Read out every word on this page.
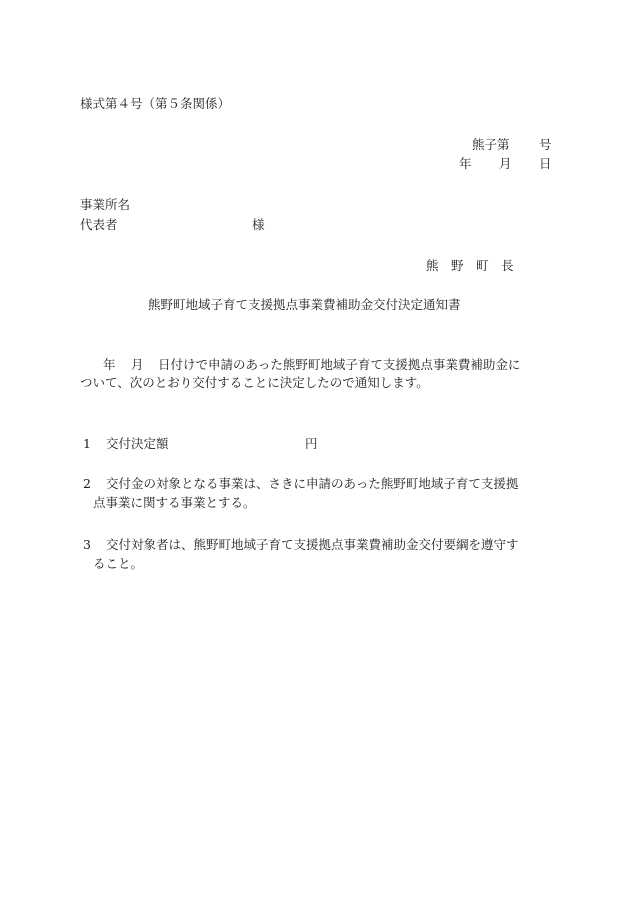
様式第４号（第５条関係）
熊子第 号
年 月 日
事業所名
代表者	様
熊　野　町　長
熊野町地域子育て支援拠点事業費補助金交付決定通知書
年 月 日付けで申請のあった熊野町地域子育て支援拠点事業費補助金に
ついて、次のとおり交付することに決定したので通知します。
1 交付決定額	円
2 交付金の対象となる事業は、さきに申請のあった熊野町地域子育て支援拠
点事業に関する事業とする。
3 交付対象者は、熊野町地域子育て支援拠点事業費補助金交付要綱を遵守す
ること。
